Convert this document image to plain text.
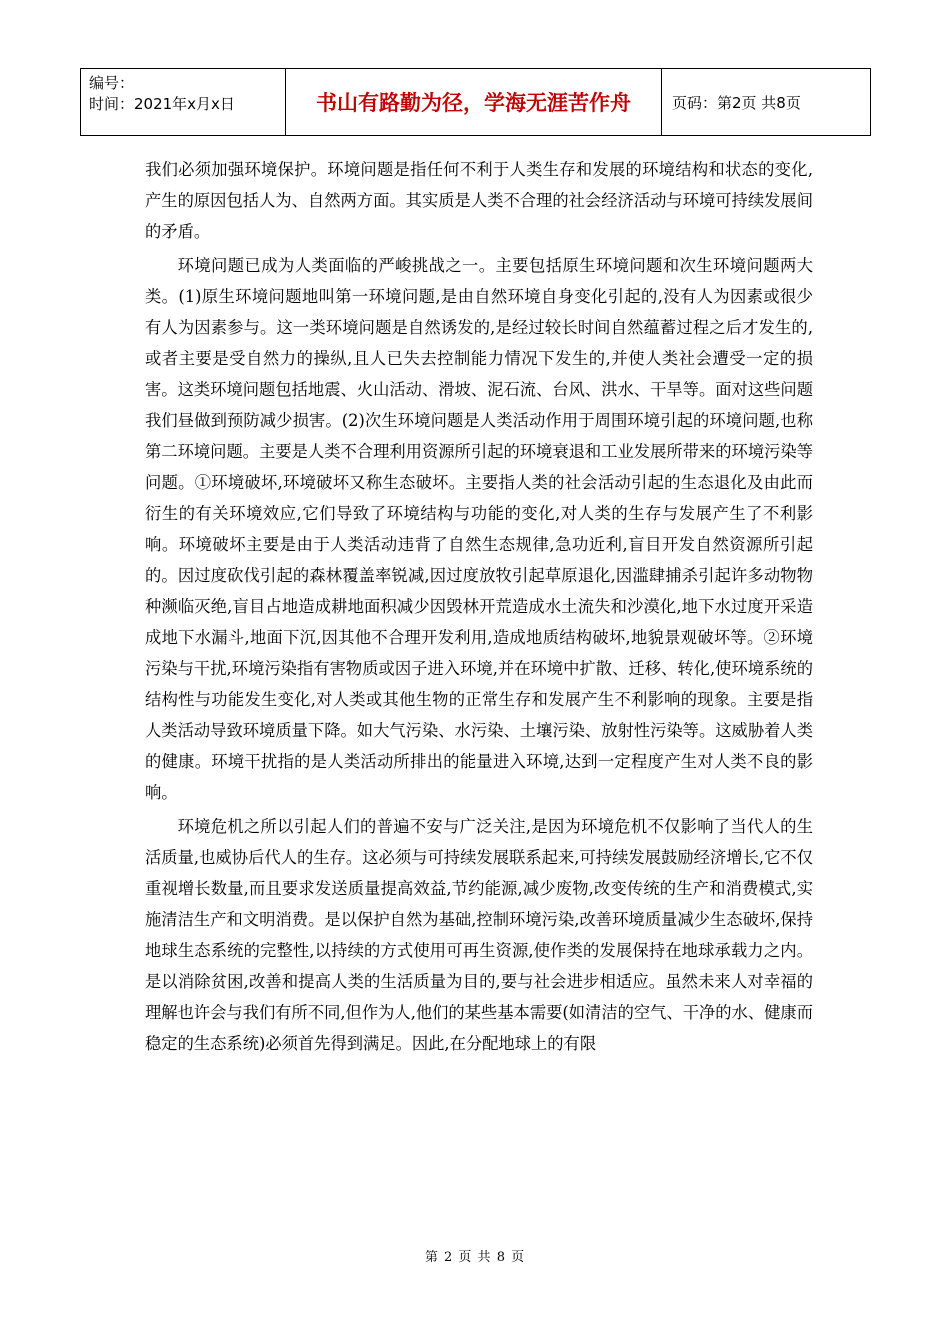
编号：
时间：2021年x月x日	书山有路勤为径，学海无涯苦作舟	页码：第2页 共8页

我们必须加强环境保护。环境问题是指任何不利于人类生存和发展的环境结构和状态的变化,产生的原因包括人为、自然两方面。其实质是人类不合理的社会经济活动与环境可持续发展间的矛盾。

环境问题已成为人类面临的严峻挑战之一。主要包括原生环境问题和次生环境问题两大类。(1)原生环境问题地叫第一环境问题,是由自然环境自身变化引起的,没有人为因素或很少有人为因素参与。这一类环境问题是自然诱发的,是经过较长时间自然蕴蓄过程之后才发生的,或者主要是受自然力的操纵,且人已失去控制能力情况下发生的,并使人类社会遭受一定的损害。这类环境问题包括地震、火山活动、滑坡、泥石流、台风、洪水、干旱等。面对这些问题我们昼做到预防减少损害。(2)次生环境问题是人类活动作用于周围环境引起的环境问题,也称第二环境问题。主要是人类不合理利用资源所引起的环境衰退和工业发展所带来的环境污染等问题。①环境破坏,环境破坏又称生态破坏。主要指人类的社会活动引起的生态退化及由此而衍生的有关环境效应,它们导致了环境结构与功能的变化,对人类的生存与发展产生了不利影响。环境破坏主要是由于人类活动违背了自然生态规律,急功近利,盲目开发自然资源所引起的。因过度砍伐引起的森林覆盖率锐减,因过度放牧引起草原退化,因滥肆捕杀引起许多动物物种濒临灭绝,盲目占地造成耕地面积减少因毁林开荒造成水土流失和沙漠化,地下水过度开采造成地下水漏斗,地面下沉,因其他不合理开发利用,造成地质结构破坏,地貌景观破坏等。②环境污染与干扰,环境污染指有害物质或因子进入环境,并在环境中扩散、迁移、转化,使环境系统的结构性与功能发生变化,对人类或其他生物的正常生存和发展产生不利影响的现象。主要是指人类活动导致环境质量下降。如大气污染、水污染、土壤污染、放射性污染等。这威胁着人类的健康。环境干扰指的是人类活动所排出的能量进入环境,达到一定程度产生对人类不良的影响。

环境危机之所以引起人们的普遍不安与广泛关注,是因为环境危机不仅影响了当代人的生活质量,也威协后代人的生存。这必须与可持续发展联系起来,可持续发展鼓励经济增长,它不仅重视增长数量,而且要求发送质量提高效益,节约能源,减少废物,改变传统的生产和消费模式,实施清洁生产和文明消费。是以保护自然为基础,控制环境污染,改善环境质量减少生态破坏,保持地球生态系统的完整性,以持续的方式使用可再生资源,使作类的发展保持在地球承载力之内。是以消除贫困,改善和提高人类的生活质量为目的,要与社会进步相适应。虽然未来人对幸福的理解也许会与我们有所不同,但作为人,他们的某些基本需要(如清洁的空气、干净的水、健康而稳定的生态系统)必须首先得到满足。因此,在分配地球上的有限

第 2 页 共 8 页
